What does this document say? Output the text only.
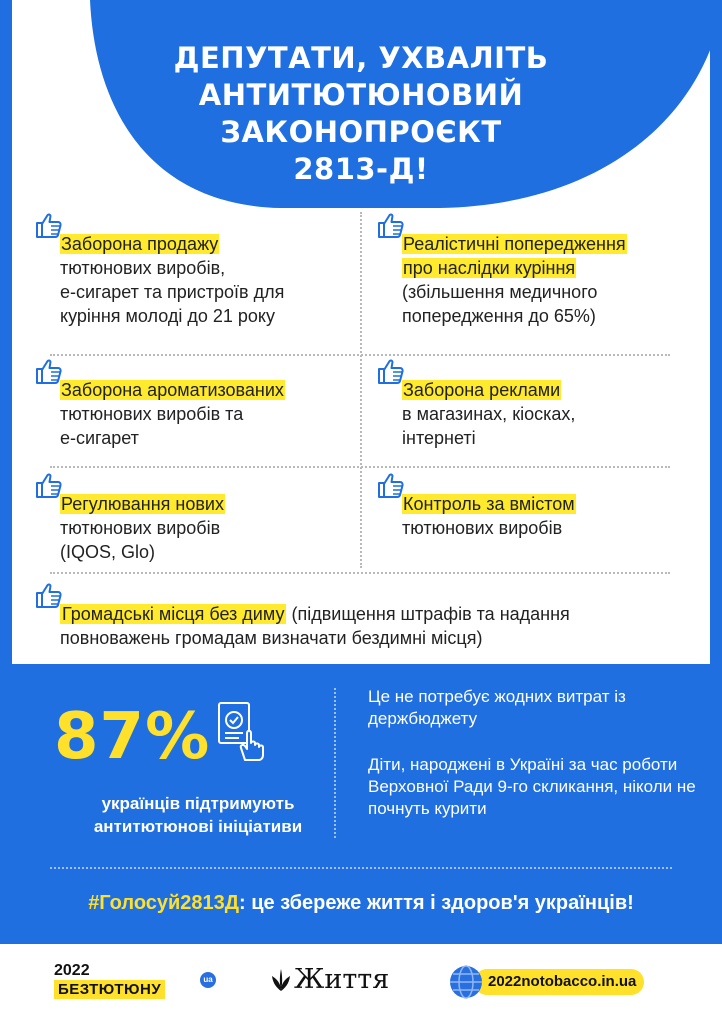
ДЕПУТАТИ, УХВАЛІТЬ
АНТИТЮТЮНОВИЙ
ЗАКОНОПРОЄКТ
2813-Д!
Заборона продажу
тютюнових виробів,
е-сигарет та пристроїв для
куріння молоді до 21 року
Реалістичні попередження
про наслідки куріння
(збільшення медичного
попередження до 65%)
Заборона ароматизованих
тютюнових виробів та
е-сигарет
Заборона реклами
в магазинах, кіосках,
інтернеті
Регулювання нових
тютюнових виробів
(IQOS, Glo)
Контроль за вмістом
тютюнових виробів
Громадські місця без диму (підвищення штрафів та надання
повноважень громадам визначати бездимні місця)
87%
українців підтримують антитютюнові ініціативи
Це не потребує жодних витрат із держбюджету
Діти, народжені в Україні за час роботи Верховної Ради 9-го скликання, ніколи не почнуть курити
#Голосуй2813Д: це збереже життя і здоров'я українців!
2022
БЕЗТЮТЮНУ
ua	Життя	2022notobacco.in.ua
